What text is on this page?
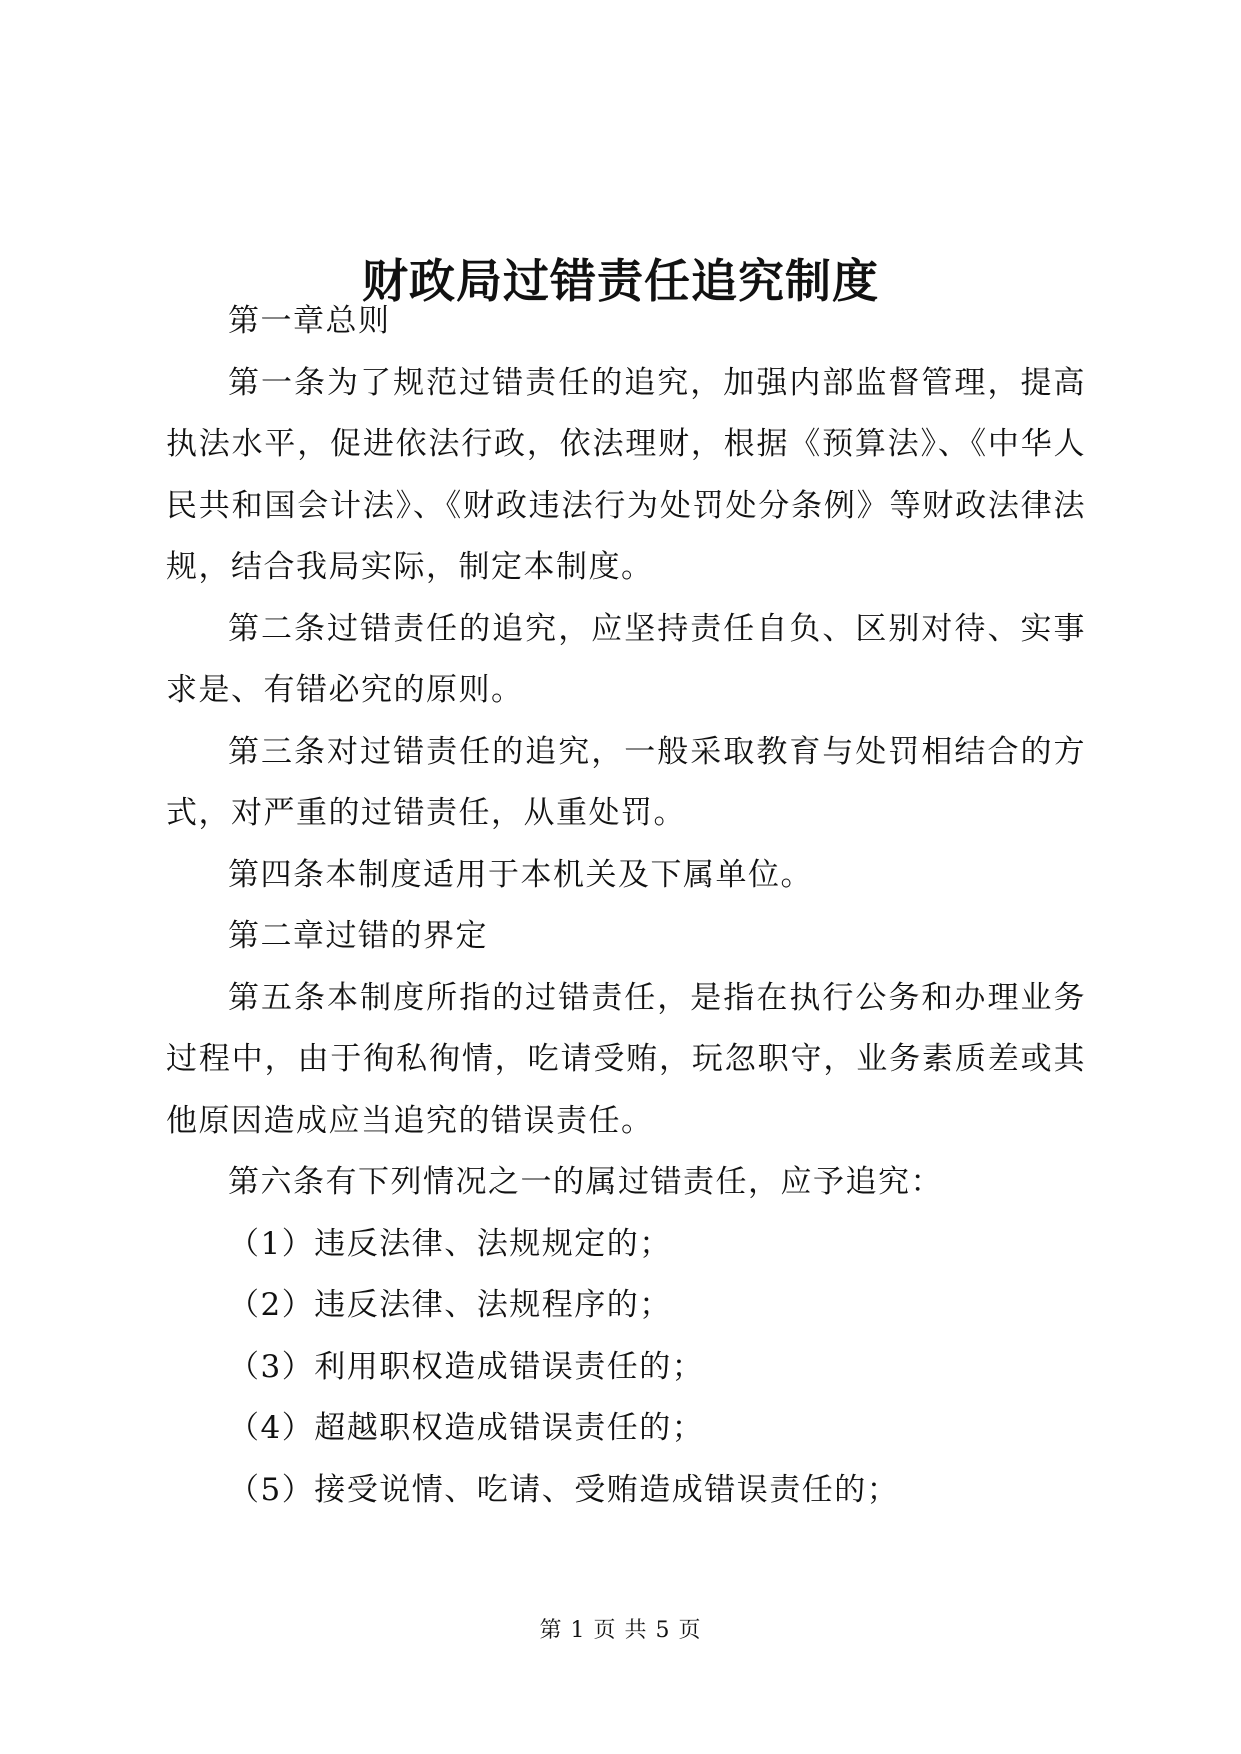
财政局过错责任追究制度

第一章总则

第一条为了规范过错责任的追究，加强内部监督管理，提高执法水平，促进依法行政，依法理财，根据《预算法》、《中华人民共和国会计法》、《财政违法行为处罚处分条例》等财政法律法规，结合我局实际，制定本制度。

第二条过错责任的追究，应坚持责任自负、区别对待、实事求是、有错必究的原则。

第三条对过错责任的追究，一般采取教育与处罚相结合的方式，对严重的过错责任，从重处罚。

第四条本制度适用于本机关及下属单位。

第二章过错的界定

第五条本制度所指的过错责任，是指在执行公务和办理业务过程中，由于徇私徇情，吃请受贿，玩忽职守，业务素质差或其他原因造成应当追究的错误责任。

第六条有下列情况之一的属过错责任，应予追究：

（1）违反法律、法规规定的；

（2）违反法律、法规程序的；

（3）利用职权造成错误责任的；

（4）超越职权造成错误责任的；

（5）接受说情、吃请、受贿造成错误责任的；

第 1 页 共 5 页
